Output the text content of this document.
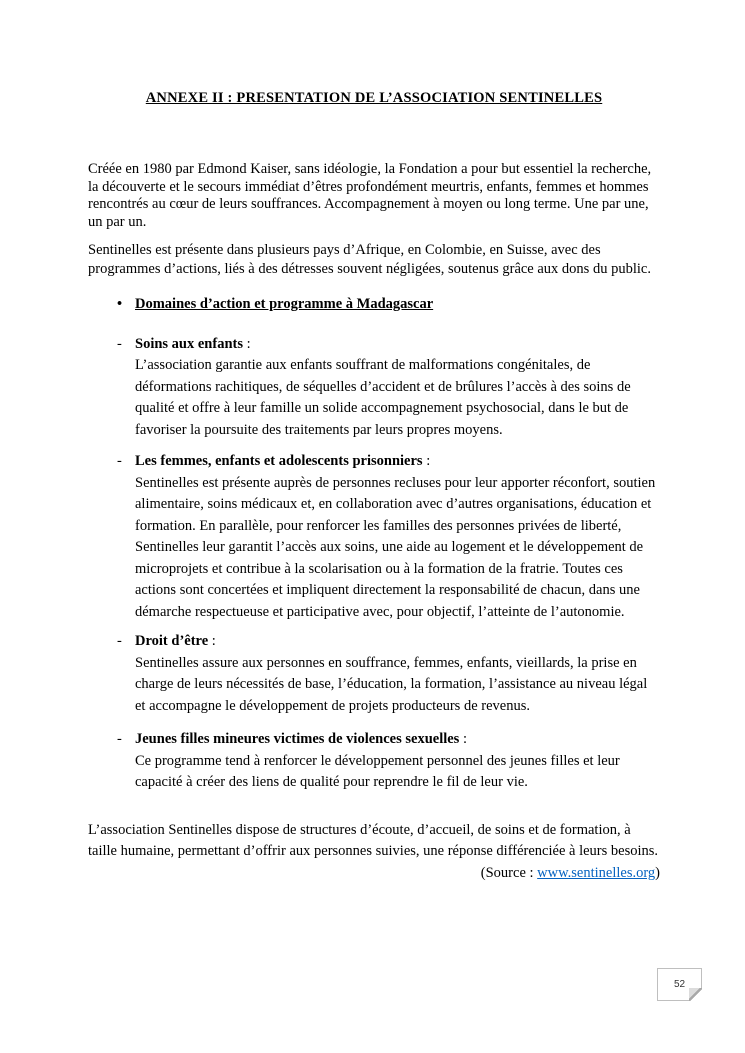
ANNEXE II : PRESENTATION DE L’ASSOCIATION SENTINELLES

Créée en 1980 par Edmond Kaiser, sans idéologie, la Fondation a pour but essentiel la recherche, la découverte et le secours immédiat d’êtres profondément meurtris, enfants, femmes et hommes rencontrés au cœur de leurs souffrances. Accompagnement à moyen ou long terme. Une par une, un par un.

Sentinelles est présente dans plusieurs pays d’Afrique, en Colombie, en Suisse, avec des programmes d’actions, liés à des détresses souvent négligées, soutenus grâce aux dons du public.

• Domaines d’action et programme à Madagascar
- Soins aux enfants :
L’association garantie aux enfants souffrant de malformations congénitales, de déformations rachitiques, de séquelles d’accident et de brûlures l’accès à des soins de qualité et offre à leur famille un solide accompagnement psychosocial, dans le but de favoriser la poursuite des traitements par leurs propres moyens.
- Les femmes, enfants et adolescents prisonniers :
Sentinelles est présente auprès de personnes recluses pour leur apporter réconfort, soutien alimentaire, soins médicaux et, en collaboration avec d’autres organisations, éducation et formation. En parallèle, pour renforcer les familles des personnes privées de liberté, Sentinelles leur garantit l’accès aux soins, une aide au logement et le développement de microprojets et contribue à la scolarisation ou à la formation de la fratrie. Toutes ces actions sont concertées et impliquent directement la responsabilité de chacun, dans une démarche respectueuse et participative avec, pour objectif, l’atteinte de l’autonomie.
- Droit d’être :
Sentinelles assure aux personnes en souffrance, femmes, enfants, vieillards, la prise en charge de leurs nécessités de base, l’éducation, la formation, l’assistance au niveau légal et accompagne le développement de projets producteurs de revenus.
- Jeunes filles mineures victimes de violences sexuelles :
Ce programme tend à renforcer le développement personnel des jeunes filles et leur capacité à créer des liens de qualité pour reprendre le fil de leur vie.

L’association Sentinelles dispose de structures d’écoute, d’accueil, de soins et de formation, à taille humaine, permettant d’offrir aux personnes suivies, une réponse différenciée à leurs besoins.

(Source : www.sentinelles.org)
52
